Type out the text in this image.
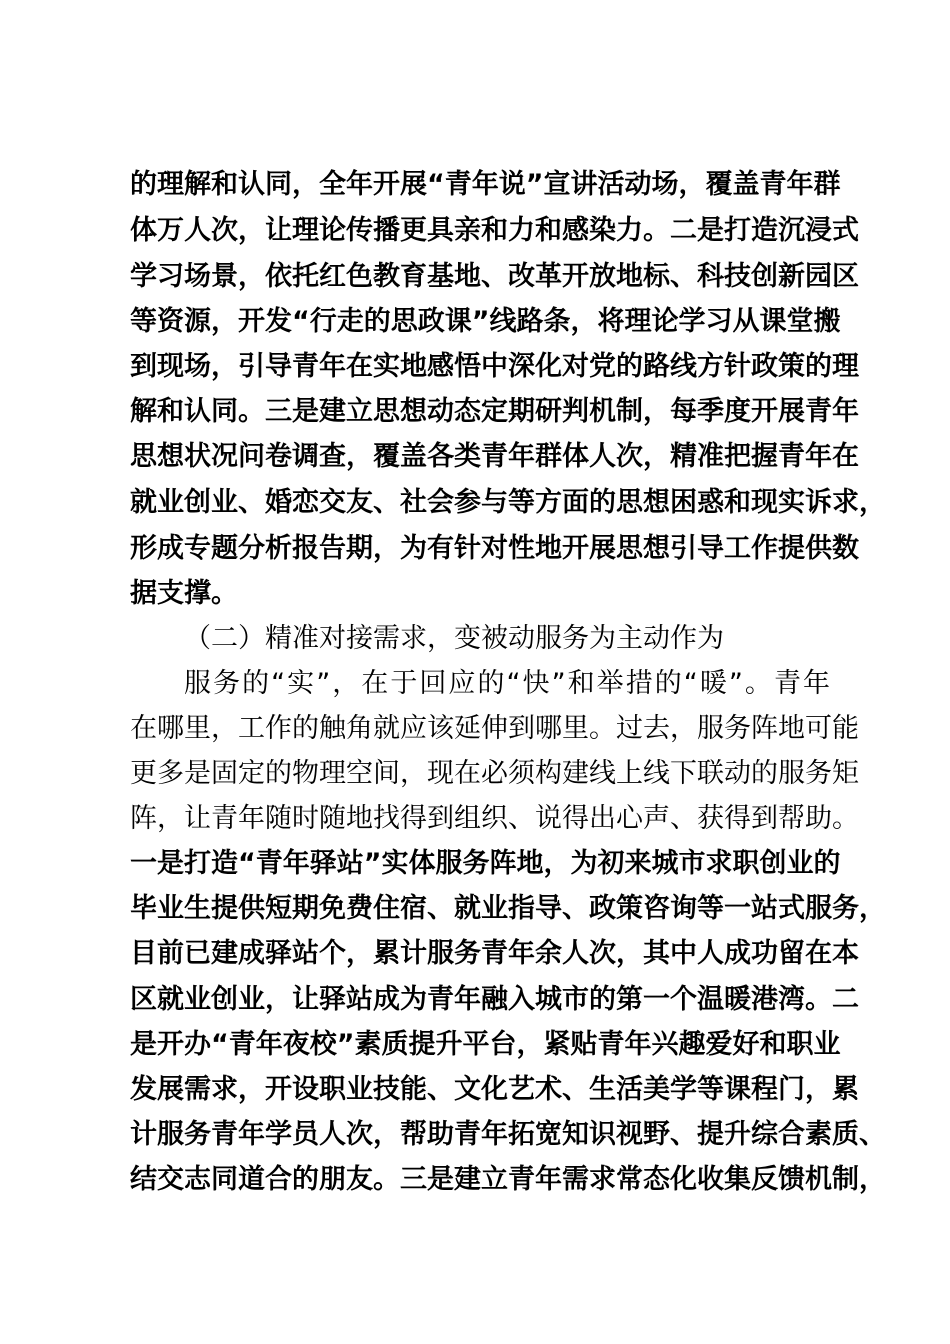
的理解和认同，全年开展“青年说”宣讲活动场，覆盖青年群
体万人次，让理论传播更具亲和力和感染力。二是打造沉浸式
学习场景，依托红色教育基地、改革开放地标、科技创新园区
等资源，开发“行走的思政课”线路条，将理论学习从课堂搬
到现场，引导青年在实地感悟中深化对党的路线方针政策的理
解和认同。三是建立思想动态定期研判机制，每季度开展青年
思想状况问卷调查，覆盖各类青年群体人次，精准把握青年在
就业创业、婚恋交友、社会参与等方面的思想困惑和现实诉求，
形成专题分析报告期，为有针对性地开展思想引导工作提供数
据支撑。
（二）精准对接需求，变被动服务为主动作为
服务的“实”，在于回应的“快”和举措的“暖”。青年
在哪里，工作的触角就应该延伸到哪里。过去，服务阵地可能
更多是固定的物理空间，现在必须构建线上线下联动的服务矩
阵，让青年随时随地找得到组织、说得出心声、获得到帮助。
一是打造“青年驿站”实体服务阵地，为初来城市求职创业的
毕业生提供短期免费住宿、就业指导、政策咨询等一站式服务，
目前已建成驿站个，累计服务青年余人次，其中人成功留在本
区就业创业，让驿站成为青年融入城市的第一个温暖港湾。二
是开办“青年夜校”素质提升平台，紧贴青年兴趣爱好和职业
发展需求，开设职业技能、文化艺术、生活美学等课程门，累
计服务青年学员人次，帮助青年拓宽知识视野、提升综合素质、
结交志同道合的朋友。三是建立青年需求常态化收集反馈机制，
